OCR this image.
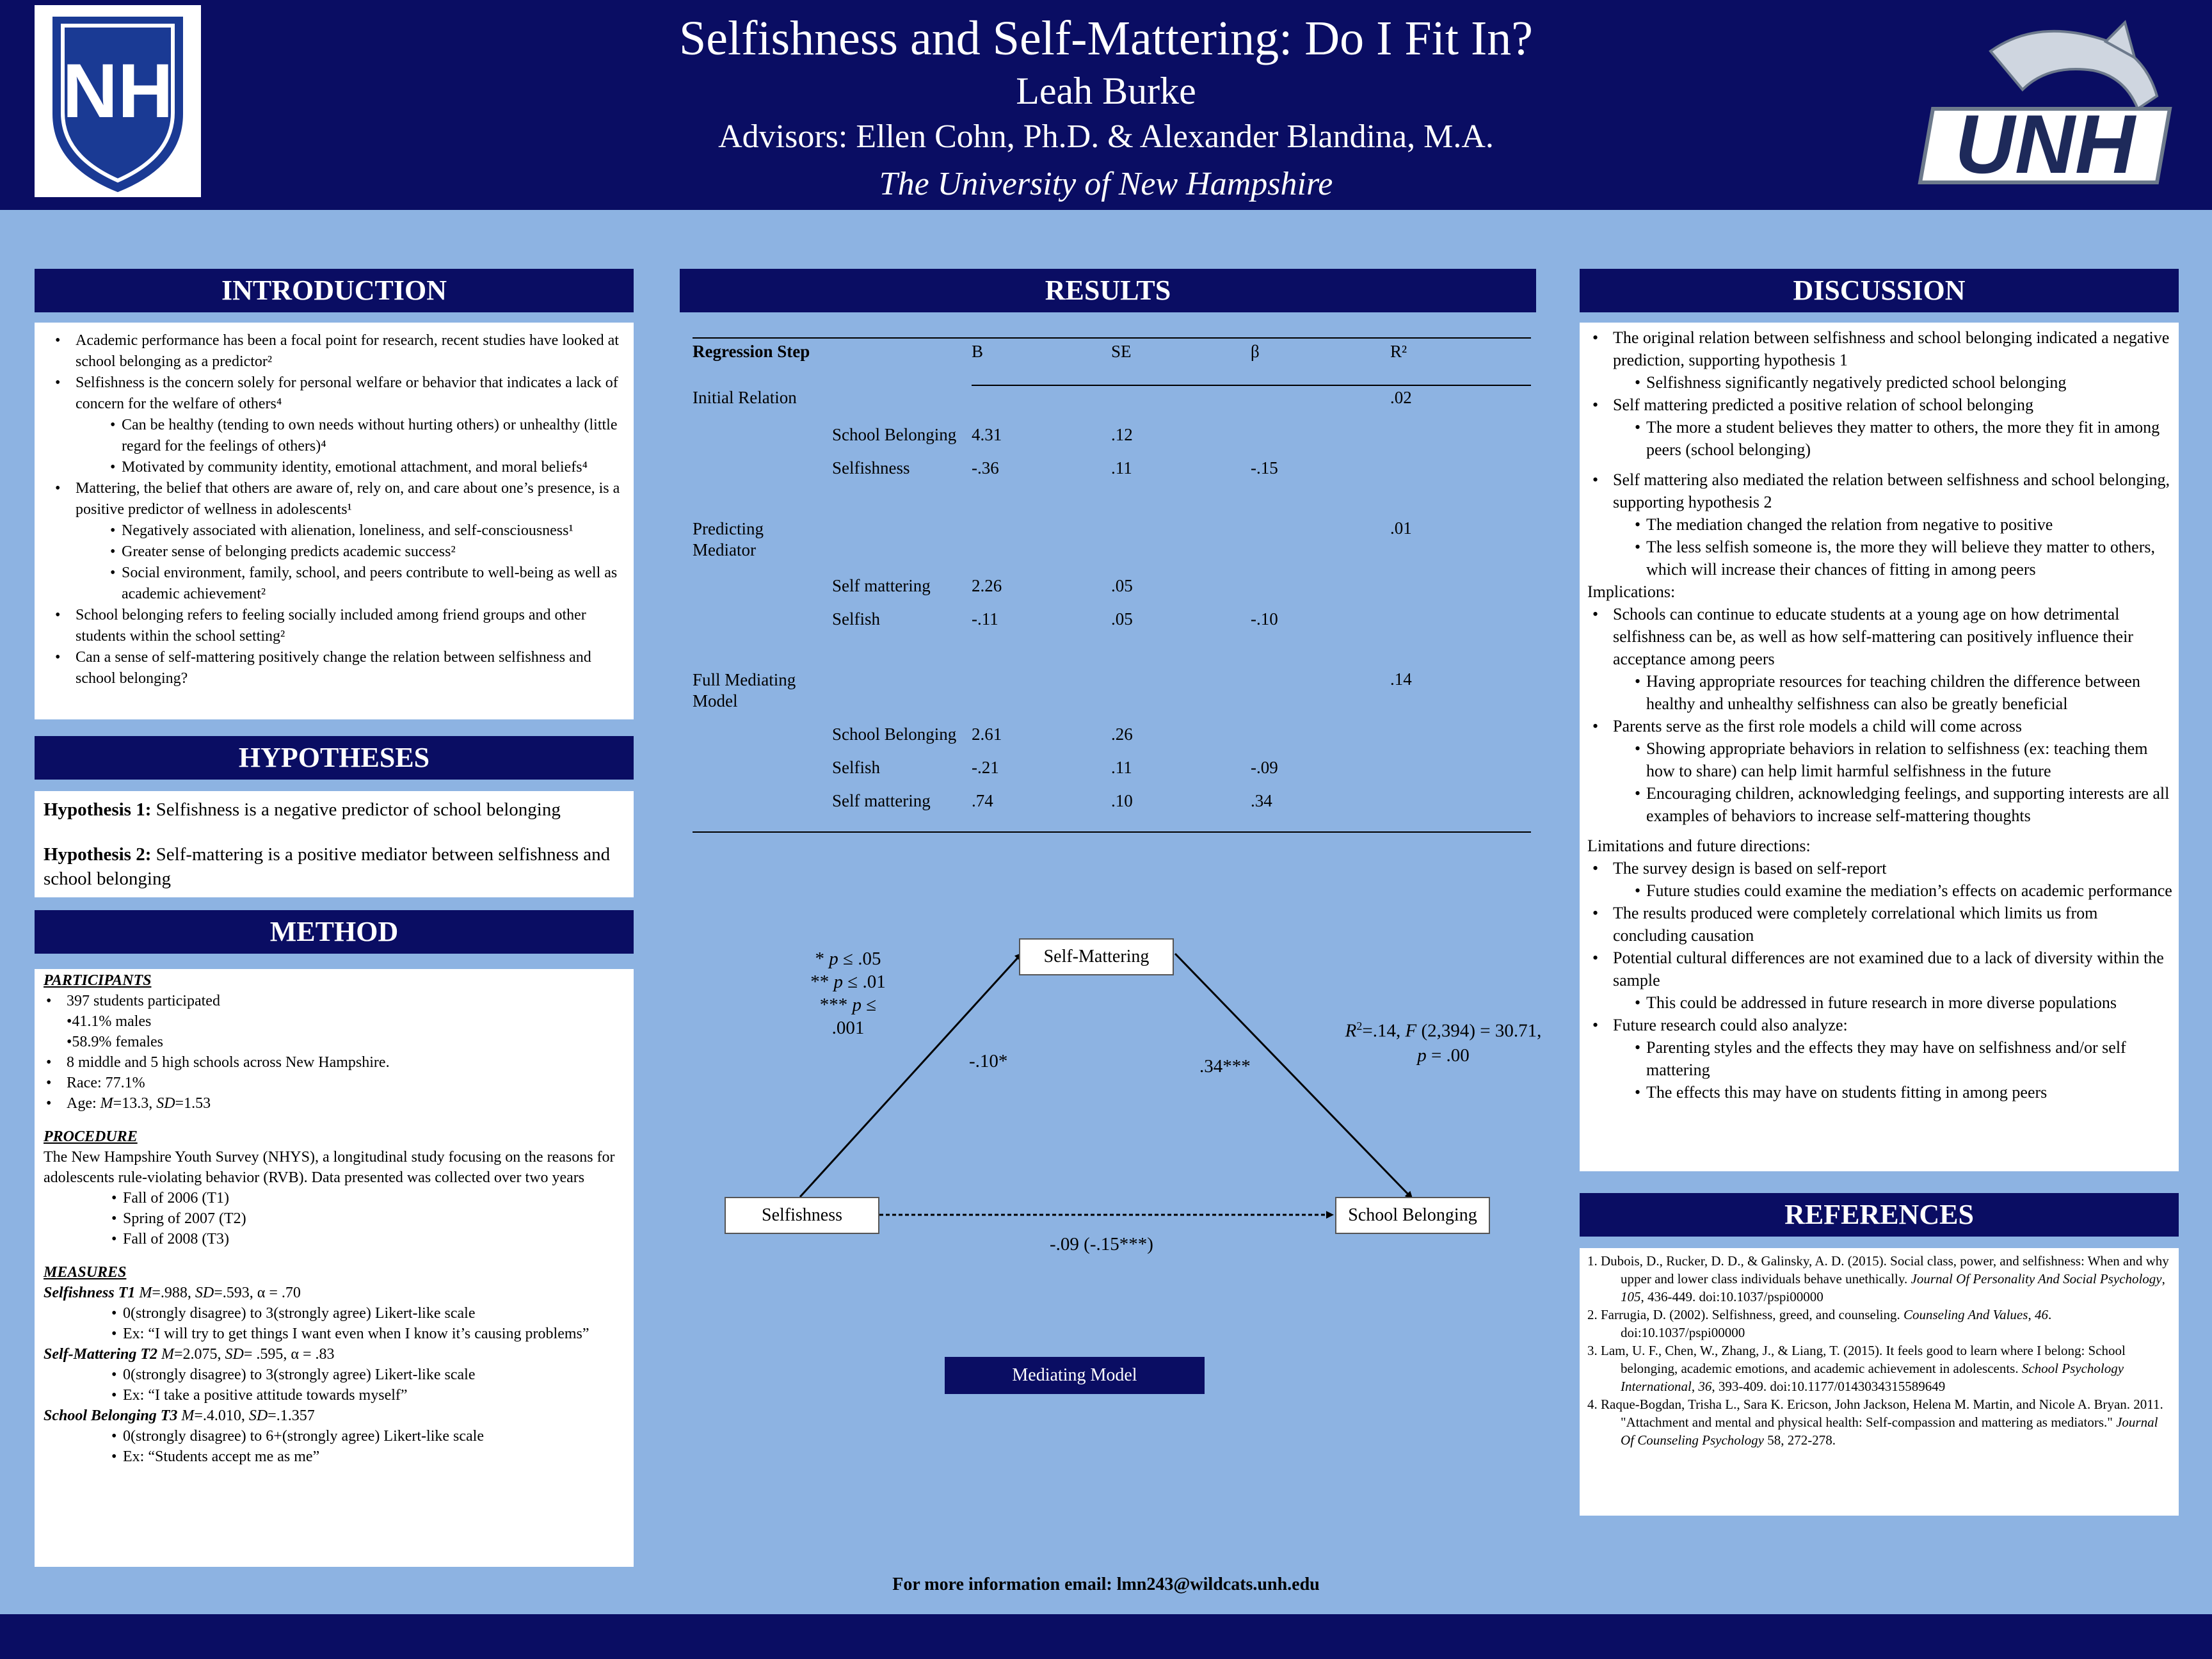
NH
Selfishness and Self-Mattering: Do I Fit In?
Leah Burke
Advisors: Ellen Cohn, Ph.D. & Alexander Blandina, M.A.
The University of New Hampshire	UNH
INTRODUCTION
• Academic performance has been a focal point for research, recent studies have looked at school belonging as a predictor²
• Selfishness is the concern solely for personal welfare or behavior that indicates a lack of concern for the welfare of others⁴
• Can be healthy (tending to own needs without hurting others) or unhealthy (little regard for the feelings of others)⁴
• Motivated by community identity, emotional attachment, and moral beliefs⁴
• Mattering, the belief that others are aware of, rely on, and care about one’s presence, is a positive predictor of wellness in adolescents¹
• Negatively associated with alienation, loneliness, and self-consciousness¹
• Greater sense of belonging predicts academic success²
• Social environment, family, school, and peers contribute to well-being as well as academic achievement²
• School belonging refers to feeling socially included among friend groups and other students within the school setting²
• Can a sense of self-mattering positively change the relation between selfishness and school belonging?
HYPOTHESES
Hypothesis 1: Selfishness is a negative predictor of school belonging
Hypothesis 2: Self-mattering is a positive mediator between selfishness and school belonging
METHOD
PARTICIPANTS
• 397 students participated
•41.1% males
•58.9% females
• 8 middle and 5 high schools across New Hampshire.
• Race: 77.1%
• Age: M=13.3, SD=1.53
PROCEDURE
The New Hampshire Youth Survey (NHYS), a longitudinal study focusing on the reasons for adolescents rule-violating behavior (RVB). Data presented was collected over two years
• Fall of 2006 (T1)
• Spring of 2007 (T2)
• Fall of 2008 (T3)
MEASURES
Selfishness T1 M=.988, SD=.593, α = .70
• 0(strongly disagree) to 3(strongly agree) Likert-like scale
• Ex: “I will try to get things I want even when I know it’s causing problems”
Self-Mattering T2 M=2.075, SD= .595, α = .83
• 0(strongly disagree) to 3(strongly agree) Likert-like scale
• Ex: “I take a positive attitude towards myself”
School Belonging T3 M=.4.010, SD=.1.357
• 0(strongly disagree) to 6+(strongly agree) Likert-like scale
• Ex: “Students accept me as me”
RESULTS
Regression Step		B	SE	β	R²
Initial Relation					.02
	School Belonging	4.31	.12		
	Selfishness	-.36	.11	-.15	
Predicting Mediator					.01
	Self mattering	2.26	.05		
	Selfish	-.11	.05	-.10	
Full Mediating Model					.14
	School Belonging	2.61	.26		
	Selfish	-.21	.11	-.09	
	Self mattering	.74	.10	.34	
Self-Mattering
Selfishness	School Belonging
* p ≤ .05
** p ≤ .01
*** p ≤ .001
-.10*	.34***
-.09 (-.15***)
$R^2=.14$, F (2,394) = 30.71,
p = .00
Mediating Model
DISCUSSION
• The original relation between selfishness and school belonging indicated a negative prediction, supporting hypothesis 1
• Selfishness significantly negatively predicted school belonging
• Self mattering predicted a positive relation of school belonging
• The more a student believes they matter to others, the more they fit in among peers (school belonging)
• Self mattering also mediated the relation between selfishness and school belonging, supporting hypothesis 2
• The mediation changed the relation from negative to positive
• The less selfish someone is, the more they will believe they matter to others, which will increase their chances of fitting in among peers
Implications:
• Schools can continue to educate students at a young age on how detrimental selfishness can be, as well as how self-mattering can positively influence their acceptance among peers
• Having appropriate resources for teaching children the difference between healthy and unhealthy selfishness can also be greatly beneficial
• Parents serve as the first role models a child will come across
• Showing appropriate behaviors in relation to selfishness (ex: teaching them how to share) can help limit harmful selfishness in the future
• Encouraging children, acknowledging feelings, and supporting interests are all examples of behaviors to increase self-mattering thoughts
Limitations and future directions:
• The survey design is based on self-report
• Future studies could examine the mediation’s effects on academic performance
• The results produced were completely correlational which limits us from concluding causation
• Potential cultural differences are not examined due to a lack of diversity within the sample
• This could be addressed in future research in more diverse populations
• Future research could also analyze:
• Parenting styles and the effects they may have on selfishness and/or self mattering
• The effects this may have on students fitting in among peers
REFERENCES
1. Dubois, D., Rucker, D. D., & Galinsky, A. D. (2015). Social class, power, and selfishness: When and why upper and lower class individuals behave unethically. Journal Of Personality And Social Psychology, 105, 436-449. doi:10.1037/pspi00000
2. Farrugia, D. (2002). Selfishness, greed, and counseling. Counseling And Values, 46. doi:10.1037/pspi00000
3. Lam, U. F., Chen, W., Zhang, J., & Liang, T. (2015). It feels good to learn where I belong: School belonging, academic emotions, and academic achievement in adolescents. School Psychology International, 36, 393-409. doi:10.1177/0143034315589649
4. Raque-Bogdan, Trisha L., Sara K. Ericson, John Jackson, Helena M. Martin, and Nicole A. Bryan. 2011. "Attachment and mental and physical health: Self-compassion and mattering as mediators." Journal Of Counseling Psychology 58, 272-278.
For more information email: lmn243@wildcats.unh.edu
